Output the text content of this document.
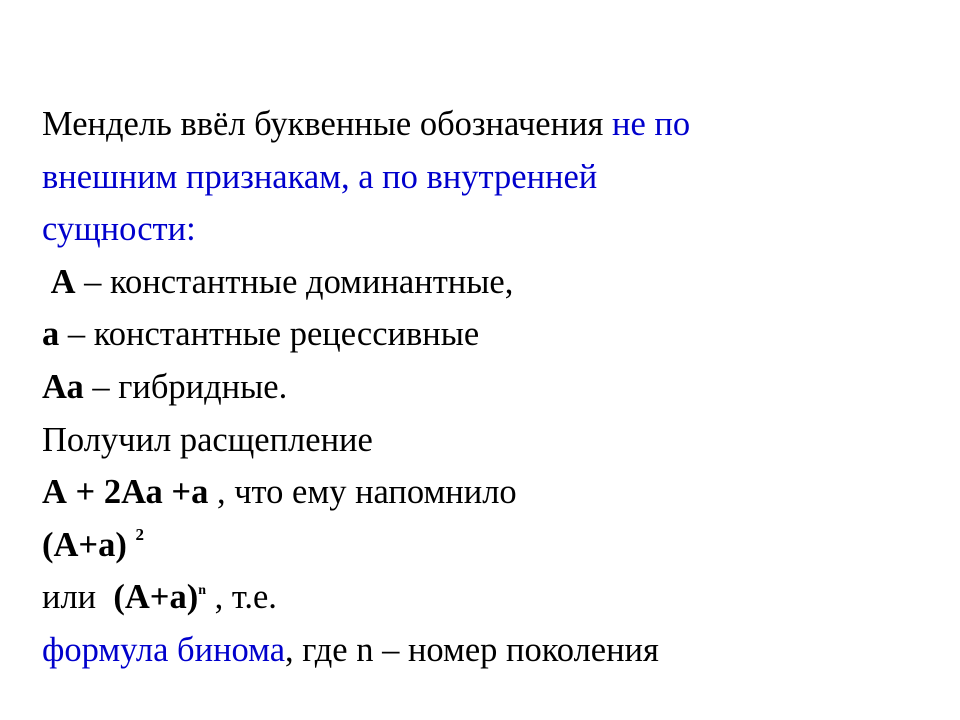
Мендель ввёл буквенные обозначения не по
внешним признакам, а по внутренней
сущности:
А – константные доминантные,
а – константные рецессивные
Аа – гибридные.
Получил расщепление
А + 2Аа +а , что ему напомнило
(А+а) $^2$
или  $(А+а)^n$ , т.е.
формула бинома, где n – номер поколения
